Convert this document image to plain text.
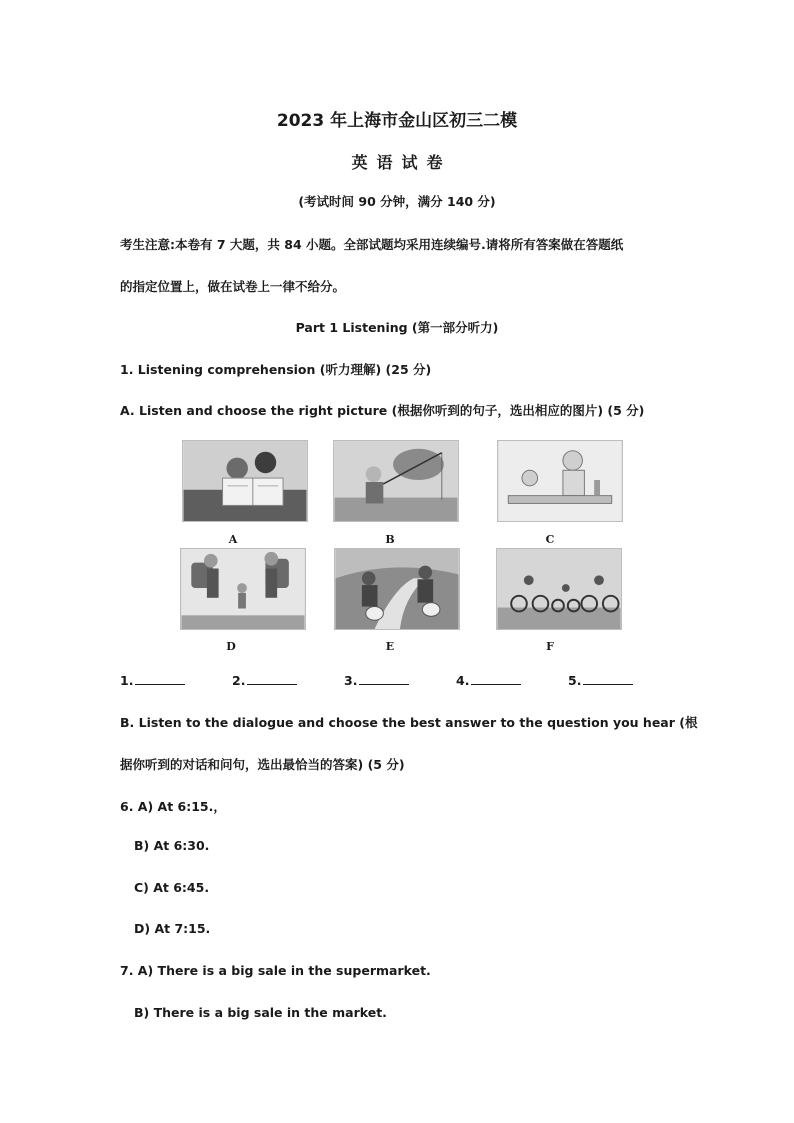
2023 年上海市金山区初三二模
英语试卷
(考试时间 90 分钟，满分 140 分)
考生注意:本卷有 7 大题，共 84 小题。全部试题均采用连续编号.请将所有答案做在答题纸
的指定位置上，做在试卷上一律不给分。
Part 1 Listening (第一部分听力)
1. Listening comprehension (听力理解) (25 分)
A. Listen and choose the right picture (根据你听到的句子，选出相应的图片) (5 分)
A	B	C
D	E	F
1.	2.	3.	4.	5.
B. Listen to the dialogue and choose the best answer to the question you hear (根
据你听到的对话和问句，选出最恰当的答案) (5 分)
6. A) At 6:15.，
B) At 6:30.
C) At 6:45.
D) At 7:15.
7. A) There is a big sale in the supermarket.
B) There is a big sale in the market.
